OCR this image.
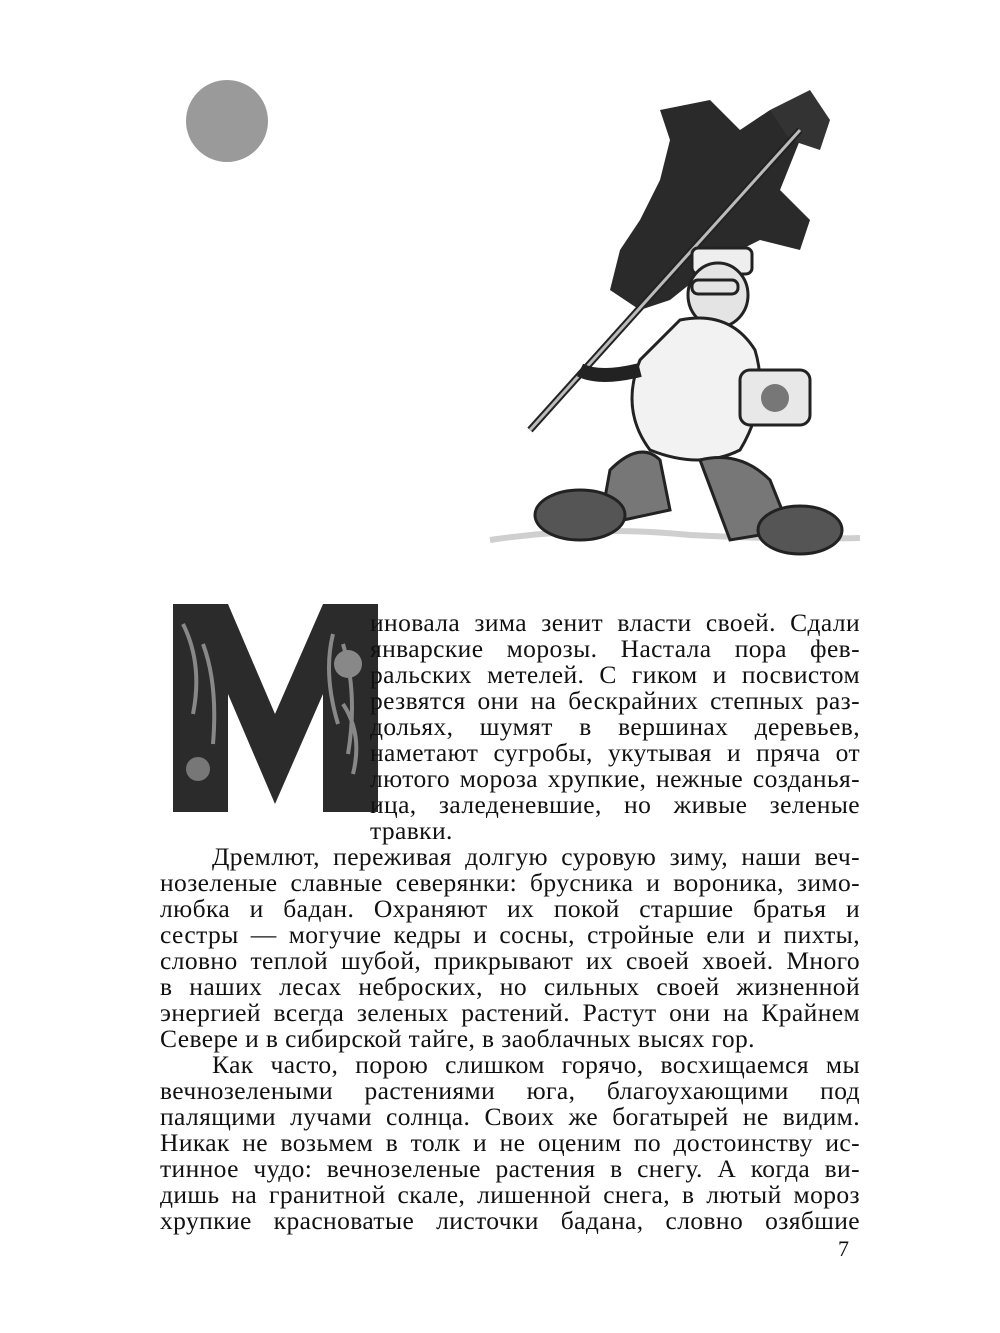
иновала зима зенит власти своей. Сдали
январские морозы. Настала пора фев-
ральских метелей. С гиком и посвистом
резвятся они на бескрайних степных раз-
дольях, шумят в вершинах деревьев,
наметают сугробы, укутывая и пряча от
лютого мороза хрупкие, нежные созданья-
ица, заледеневшие, но живые зеленые
травки.
Дремлют, переживая долгую суровую зиму, наши веч-
нозеленые славные северянки: брусника и вороника, зимо-
любка и бадан. Охраняют их покой старшие братья и
сестры — могучие кедры и сосны, стройные ели и пихты,
словно теплой шубой, прикрывают их своей хвоей. Много
в наших лесах неброских, но сильных своей жизненной
энергией всегда зеленых растений. Растут они на Крайнем
Севере и в сибирской тайге, в заоблачных высях гор.
Как часто, порою слишком горячо, восхищаемся мы
вечнозелеными растениями юга, благоухающими под
палящими лучами солнца. Своих же богатырей не видим.
Никак не возьмем в толк и не оценим по достоинству ис-
тинное чудо: вечнозеленые растения в снегу. А когда ви-
дишь на гранитной скале, лишенной снега, в лютый мороз
хрупкие красноватые листочки бадана, словно озябшие
7
